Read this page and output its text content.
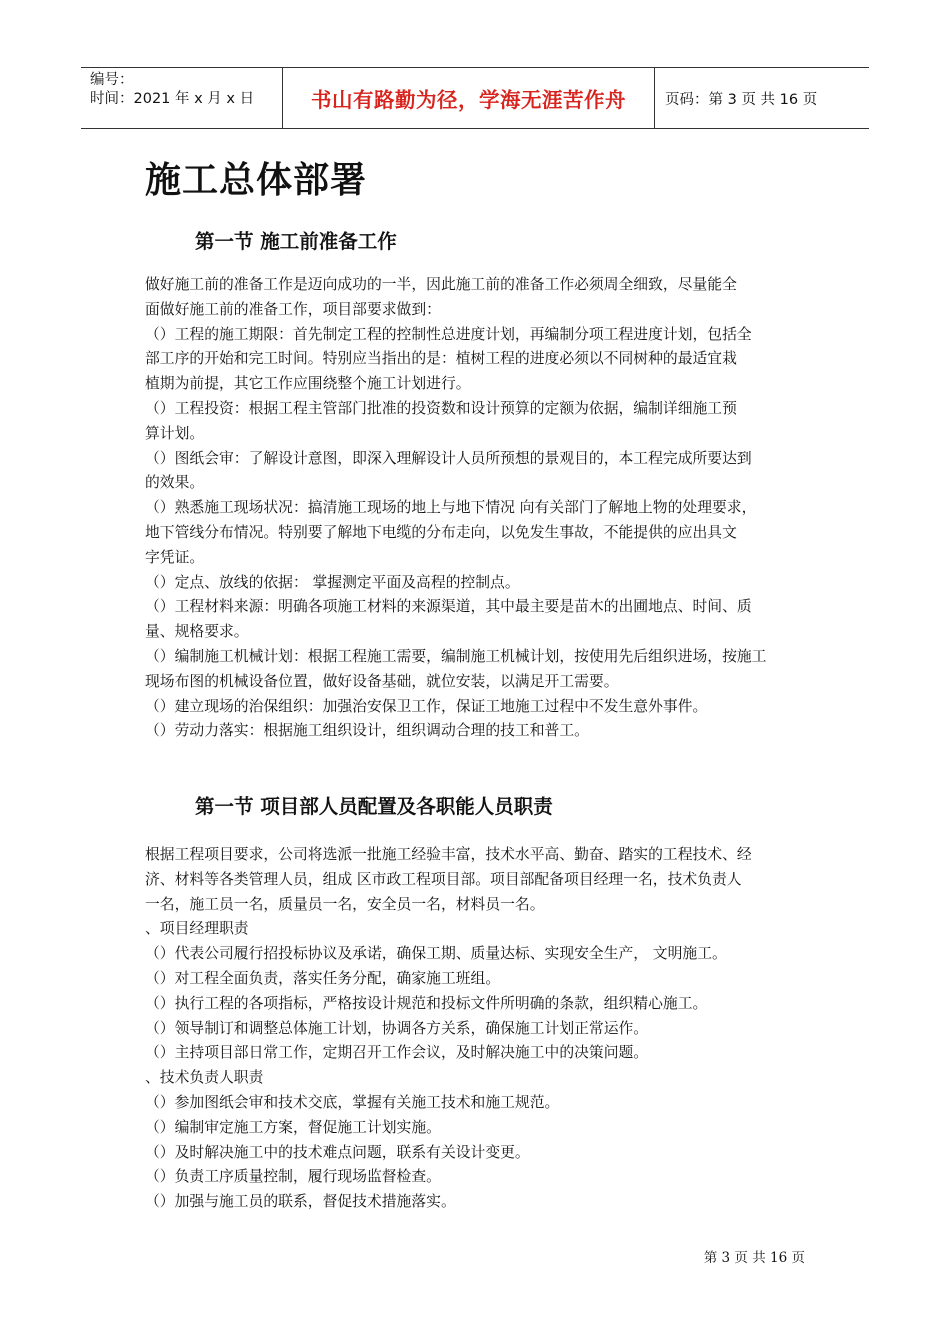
编号：
时间：2021 年 x 月 x 日	书山有路勤为径，学海无涯苦作舟	页码：第 3 页 共 16 页
施工总体部署
第一节 施工前准备工作
做好施工前的准备工作是迈向成功的一半，因此施工前的准备工作必须周全细致，尽量能全
面做好施工前的准备工作，项目部要求做到：
（）工程的施工期限：首先制定工程的控制性总进度计划，再编制分项工程进度计划，包括全
部工序的开始和完工时间。特别应当指出的是：植树工程的进度必须以不同树种的最适宜栽
植期为前提，其它工作应围绕整个施工计划进行。
（）工程投资：根据工程主管部门批准的投资数和设计预算的定额为依据，编制详细施工预
算计划。
（）图纸会审：了解设计意图，即深入理解设计人员所预想的景观目的，本工程完成所要达到
的效果。
（）熟悉施工现场状况：搞清施工现场的地上与地下情况 向有关部门了解地上物的处理要求，
地下管线分布情况。特别要了解地下电缆的分布走向，以免发生事故，不能提供的应出具文
字凭证。
（）定点、放线的依据： 掌握测定平面及高程的控制点。
（）工程材料来源：明确各项施工材料的来源渠道，其中最主要是苗木的出圃地点、时间、质
量、规格要求。
（）编制施工机械计划：根据工程施工需要，编制施工机械计划，按使用先后组织进场，按施工
现场布图的机械设备位置，做好设备基础，就位安装，以满足开工需要。
（）建立现场的治保组织：加强治安保卫工作，保证工地施工过程中不发生意外事件。
（）劳动力落实：根据施工组织设计，组织调动合理的技工和普工。
第一节 项目部人员配置及各职能人员职责
根据工程项目要求，公司将选派一批施工经验丰富，技术水平高、勤奋、踏实的工程技术、经
济、材料等各类管理人员，组成 区市政工程项目部。项目部配备项目经理一名，技术负责人
一名，施工员一名，质量员一名，安全员一名，材料员一名。
、项目经理职责
（）代表公司履行招投标协议及承诺，确保工期、质量达标、实现安全生产， 文明施工。
（）对工程全面负责，落实任务分配，确家施工班组。
（）执行工程的各项指标，严格按设计规范和投标文件所明确的条款，组织精心施工。
（）领导制订和调整总体施工计划，协调各方关系，确保施工计划正常运作。
（）主持项目部日常工作，定期召开工作会议，及时解决施工中的决策问题。
、技术负责人职责
（）参加图纸会审和技术交底，掌握有关施工技术和施工规范。
（）编制审定施工方案，督促施工计划实施。
（）及时解决施工中的技术难点问题，联系有关设计变更。
（）负责工序质量控制，履行现场监督检查。
（）加强与施工员的联系，督促技术措施落实。
第 3 页 共 16 页
